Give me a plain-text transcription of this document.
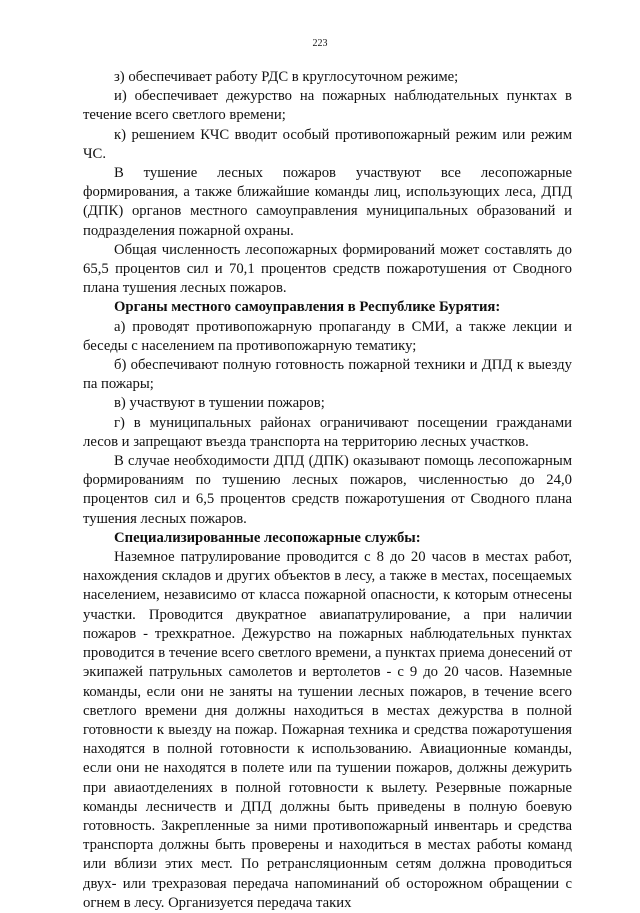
223

з) обеспечивает работу РДС в круглосуточном режиме;

и) обеспечивает дежурство на пожарных наблюдательных пунктах в течение всего светлого времени;

к) решением КЧС вводит особый противопожарный режим или режим ЧС.

В тушение лесных пожаров участвуют все лесопожарные формирования, а также ближайшие команды лиц, использующих леса, ДПД (ДПК) органов местного самоуправления муниципальных образований и подразделения пожарной охраны.

Общая численность лесопожарных формирований может составлять до 65,5 процентов сил и 70,1 процентов средств пожаротушения от Сводного плана тушения лесных пожаров.

Органы местного самоуправления в Республике Бурятия:

а) проводят противопожарную пропаганду в СМИ, а также лекции и беседы с населением па противопожарную тематику;

б) обеспечивают полную готовность пожарной техники и ДПД к выезду па пожары;

в) участвуют в тушении пожаров;

г) в муниципальных районах ограничивают посещении гражданами лесов и запрещают въезда транспорта на территорию лесных участков.

В случае необходимости ДПД (ДПК) оказывают помощь лесопожарным формированиям по тушению лесных пожаров, численностью до 24,0 процентов сил и 6,5 процентов средств пожаротушения от Сводного плана тушения лесных пожаров.

Специализированные лесопожарные службы:

Наземное патрулирование проводится с 8 до 20 часов в местах работ, нахождения складов и других объектов в лесу, а также в местах, посещаемых населением, независимо от класса пожарной опасности, к которым отнесены участки. Проводится двукратное авиапатрулирование, а при наличии пожаров - трехкратное. Дежурство на пожарных наблюдательных пунктах проводится в течение всего светлого времени, а пунктах приема донесений от экипажей патрульных самолетов и вертолетов - с 9 до 20 часов. Наземные команды, если они не заняты на тушении лесных пожаров, в течение всего светлого времени дня должны находиться в местах дежурства в полной готовности к выезду на пожар. Пожарная техника и средства пожаротушения находятся в полной готовности к использованию. Авиационные команды, если они не находятся в полете или па тушении пожаров, должны дежурить при авиаотделениях в полной готовности к вылету. Резервные пожарные команды лесничеств и ДПД должны быть приведены в полную боевую готовность. Закрепленные за ними противопожарный инвентарь и средства транспорта должны быть проверены и находиться в местах работы команд или вблизи этих мест. По ретрансляционным сетям должна проводиться двух- или трехразовая передача напоминаний об осторожном обращении с огнем в лесу. Организуется передача таких
